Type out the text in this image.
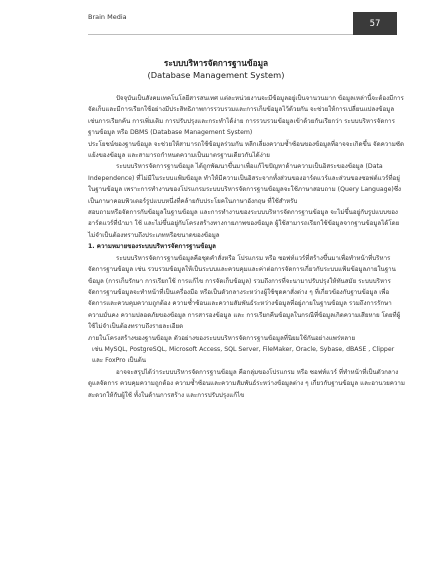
Brain Media
57
ระบบบริหารจัดการฐานข้อมูล
(Database Management System)

ปัจจุบันเป็นสังคมเทคโนโลยีสารสนเทศ แต่ละหน่วยงานจะมีข้อมูลอยู่เป็นจานวนมาก ข้อมูลเหล่านี้จะต้องมีการจัดเก็บและมีการเรียกใช้อย่างมีประสิทธิภาพการรวบรวมและการเก็บข้อมูลไว้ด้วยกัน จะช่วยให้การเปลี่ยนแปลงข้อมูล เช่นการเรียกค้น การเพิ่มเติม การปรับปรุงและกระทำได้ง่าย การรวบรวมข้อมูลเข้าด้วยกันเรียกว่า ระบบบริหารจัดการฐานข้อมูล หรือ DBMS (Database Management System)

ประโยชน์ของฐานข้อมูล จะช่วยให้สามารถใช้ข้อมูลร่วมกัน หลีกเลี่ยงความซ้ำซ้อนของข้อมูลที่อาจจะเกิดขึ้น จัดความซัดแย้งของข้อมูล และสามารถกำหนดความเป็นมาตรฐานเดียวกันได้ง่าย

ระบบบริหารจัดการฐานข้อมูล ได้ถูกพัฒนาขึ้นมาเพื่อแก้ไขปัญหาด้านความเป็นอิสระของข้อมูล (Data Independence) ที่ไม่มีในระบบแฟ้มข้อมูล ทำให้มีความเป็นอิสระจากทั้งส่วนของฮาร์ดแวร์และส่วนของซอฟต์แวร์ที่อยู่ในฐานข้อมูล เพราะการทำงานของโปรแกรมระบบบริหารจัดการฐานข้อมูลจะใช้ภาษาสอบถาม (Query Language)ซึ่งเป็นภาษาคอมพิวเตอร์รูปแบบหนึ่งที่คล้ายกับประโยคในภาษาอังกฤษ ที่ใช้สำหรับ

สอบถามหรือจัดการกับข้อมูลในฐานข้อมูล และการทำงานของระบบบริหารจัดการฐานข้อมูล จะไม่ขึ้นอยู่กับรูปแบบของฮาร์ดแวร์ที่นำมา ใช้ และไม่ขึ้นอยู่กับโครงสร้างทางกายภาพของข้อมูล ผู้ใช้สามารถเรียกใช้ข้อมูลจากฐานข้อมูลได้โดยไม่จำเป็นต้องทราบถึงประเภทหรือขนาดของข้อมูล

1. ความหมายของระบบบริหารจัดการฐานข้อมูล

ระบบบริหารจัดการฐานข้อมูลคือชุดคำสั่งหรือ โปรแกรม หรือ ซอฟท์แวร์ที่สร้างขึ้นมาเพื่อทำหน้าที่บริหารจัดการฐานข้อมูล เช่น รวบรวมข้อมูลให้เป็นระบบและควบคุมและค่าต่อการจัดการเกี่ยวกับระบบแฟ้มข้อมูลภายในฐานข้อมูล (การเก็บรักษา การเรียกใช้ การแก้ไข การจัดเก็บข้อมูล) รวมถึงการที่จะนามาปรับปรุงให้ทันสมัย ระบบบริหารจัดการฐานข้อมูลจะทำหน้าที่เป็นเครื่องมือ หรือเป็นตัวกลางระหว่างผู้ใช้ชุดคาสั่งต่าง ๆ ที่เกี่ยวข้องกับฐานข้อมูล เพื่อจัดการและควบคุมความถูกต้อง ความซ้ำซ้อนและความสัมพันธ์ระหว่างข้อมูลที่อยู่ภายในฐานข้อมูล รวมถึงการรักษาความมั่นคง ความปลอดภัยของข้อมูล การสารองข้อมูล และ การเรียกคืนข้อมูลในกรณีที่ข้อมูลเกิดความเสียหาย โดยที่ผู้ใช้ไม่จำเป็นต้องทราบถึงรายละเอียด

ภายในโครงสร้างของฐานข้อมูล ตัวอย่างของระบบบริหารจัดการฐานข้อมูลที่นิยมใช้กันอย่างแพร่หลาย

เช่น MySQL, PostgreSQL, Microsoft Access, SQL Server, FileMaker, Oracle, Sybase, dBASE , Clipper และ FoxPro เป็นต้น

อาจจะสรุปได้ว่าระบบบริหารจัดการฐานข้อมูล คือกลุ่มของโปรแกรม หรือ ซอฟท์แวร์ ที่ทำหน้าที่เป็นตัวกลาง ดูแลจัดการ ควบคุมความถูกต้อง ความซ้ำซ้อนและความสัมพันธ์ระหว่างข้อมูลต่าง ๆ เกี่ยวกับฐานข้อมูล และอานวยความสะดวกให้กับผู้ใช้ ทั้งในด้านการสร้าง และการปรับปรุงแก้ไข
